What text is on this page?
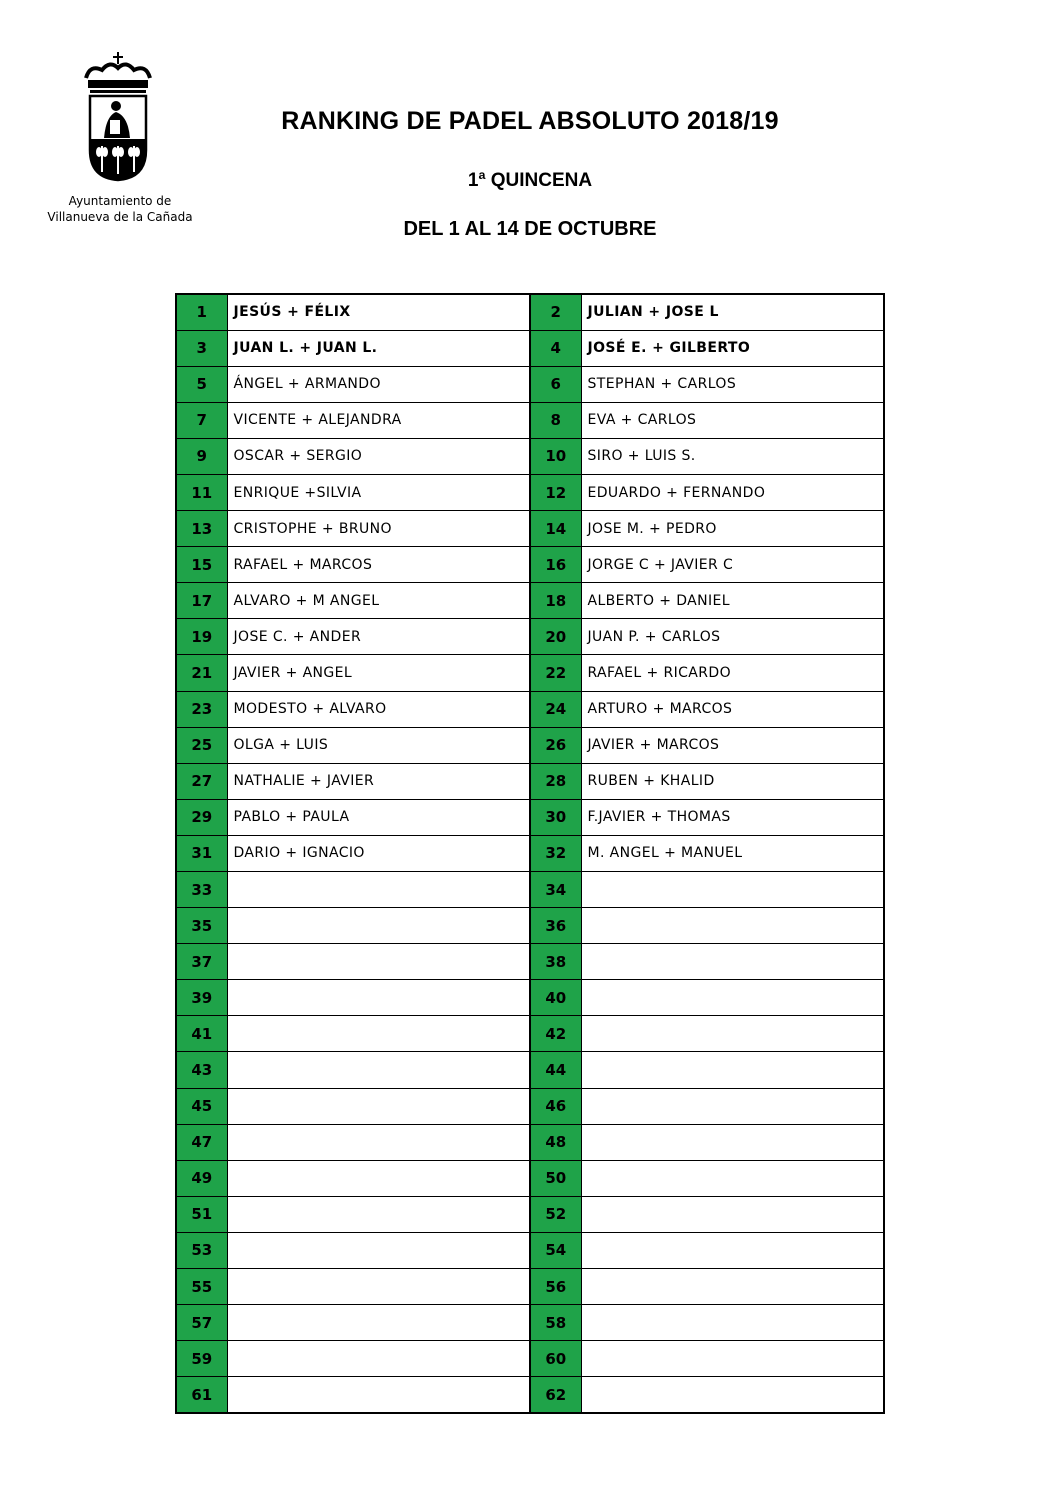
Ayuntamiento de
Villanueva de la Cañada
RANKING DE PADEL ABSOLUTO 2018/19
1ª QUINCENA
DEL 1 AL 14 DE OCTUBRE
1	JESÚS + FÉLIX	2	JULIAN + JOSE L
3	JUAN L. + JUAN L.	4	JOSÉ E. + GILBERTO
5	ÁNGEL + ARMANDO	6	STEPHAN + CARLOS
7	VICENTE + ALEJANDRA	8	EVA + CARLOS
9	OSCAR + SERGIO	10	SIRO + LUIS S.
11	ENRIQUE +SILVIA	12	EDUARDO + FERNANDO
13	CRISTOPHE + BRUNO	14	JOSE M. + PEDRO
15	RAFAEL + MARCOS	16	JORGE C + JAVIER C
17	ALVARO + M ANGEL	18	ALBERTO + DANIEL
19	JOSE C. + ANDER	20	JUAN P. + CARLOS
21	JAVIER + ANGEL	22	RAFAEL + RICARDO
23	MODESTO + ALVARO	24	ARTURO + MARCOS
25	OLGA + LUIS	26	JAVIER + MARCOS
27	NATHALIE + JAVIER	28	RUBEN + KHALID
29	PABLO + PAULA	30	F.JAVIER + THOMAS
31	DARIO + IGNACIO	32	M. ANGEL + MANUEL
33		34	
35		36	
37		38	
39		40	
41		42	
43		44	
45		46	
47		48	
49		50	
51		52	
53		54	
55		56	
57		58	
59		60	
61		62	
